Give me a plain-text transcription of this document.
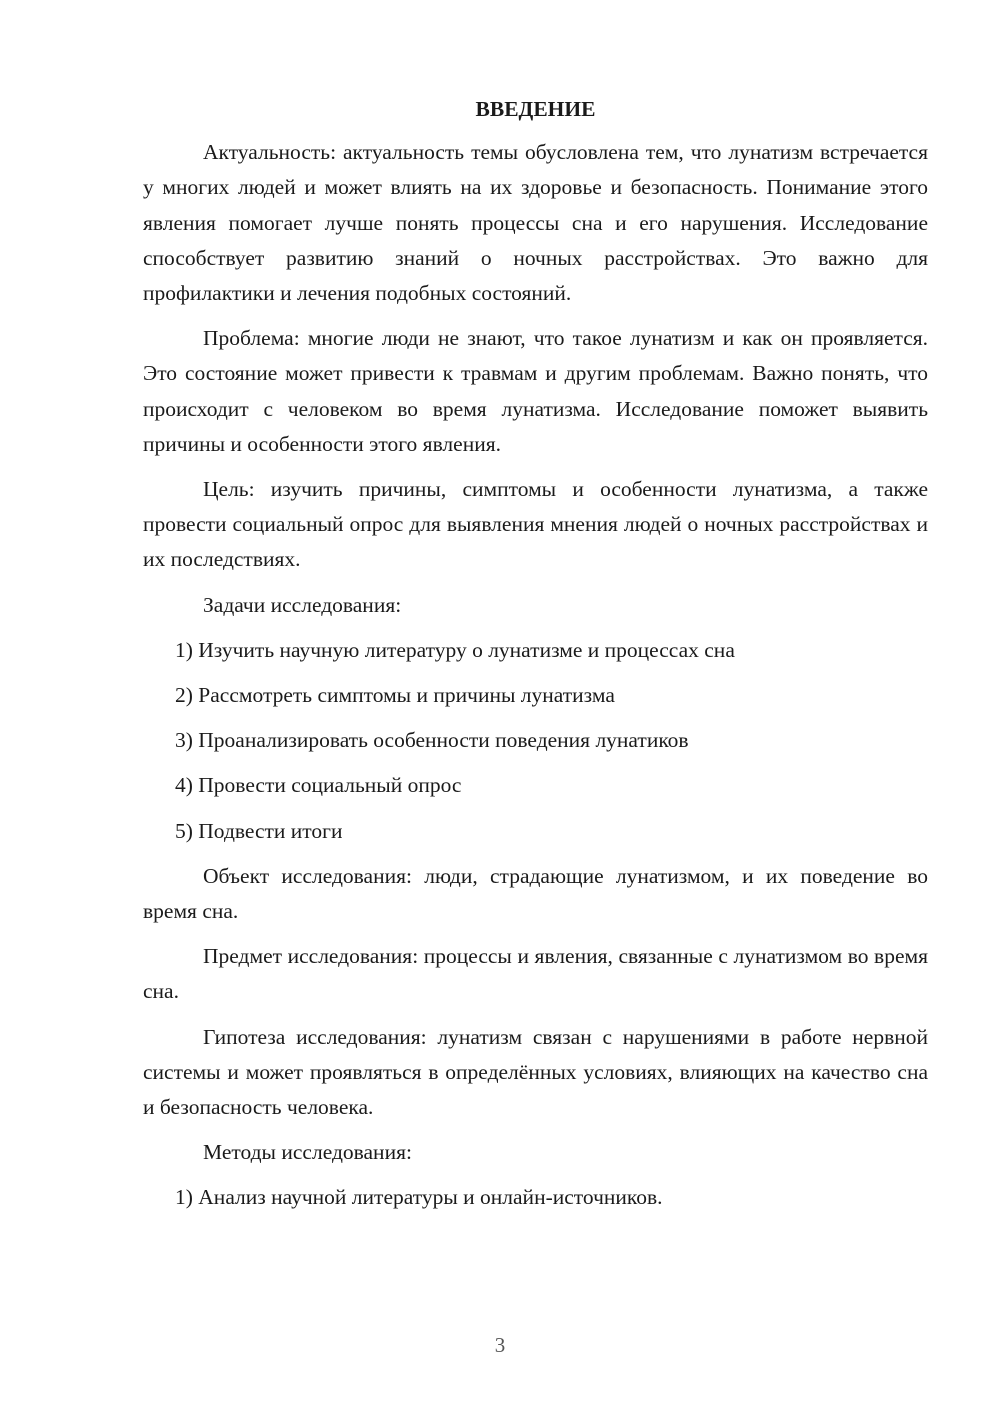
ВВЕДЕНИЕ

Актуальность: актуальность темы обусловлена тем, что лунатизм встречается у многих людей и может влиять на их здоровье и безопасность. Понимание этого явления помогает лучше понять процессы сна и его нарушения. Исследование способствует развитию знаний о ночных расстройствах. Это важно для профилактики и лечения подобных состояний.

Проблема: многие люди не знают, что такое лунатизм и как он проявляется. Это состояние может привести к травмам и другим проблемам. Важно понять, что происходит с человеком во время лунатизма. Исследование поможет выявить причины и особенности этого явления.

Цель: изучить причины, симптомы и особенности лунатизма, а также провести социальный опрос для выявления мнения людей о ночных расстройствах и их последствиях.

Задачи исследования:

1) Изучить научную литературу о лунатизме и процессах сна
2) Рассмотреть симптомы и причины лунатизма
3) Проанализировать особенности поведения лунатиков
4) Провести социальный опрос
5) Подвести итоги

Объект исследования: люди, страдающие лунатизмом, и их поведение во время сна.

Предмет исследования: процессы и явления, связанные с лунатизмом во время сна.

Гипотеза исследования: лунатизм связан с нарушениями в работе нервной системы и может проявляться в определённых условиях, влияющих на качество сна и безопасность человека.

Методы исследования:

1) Анализ научной литературы и онлайн-источников.
3
